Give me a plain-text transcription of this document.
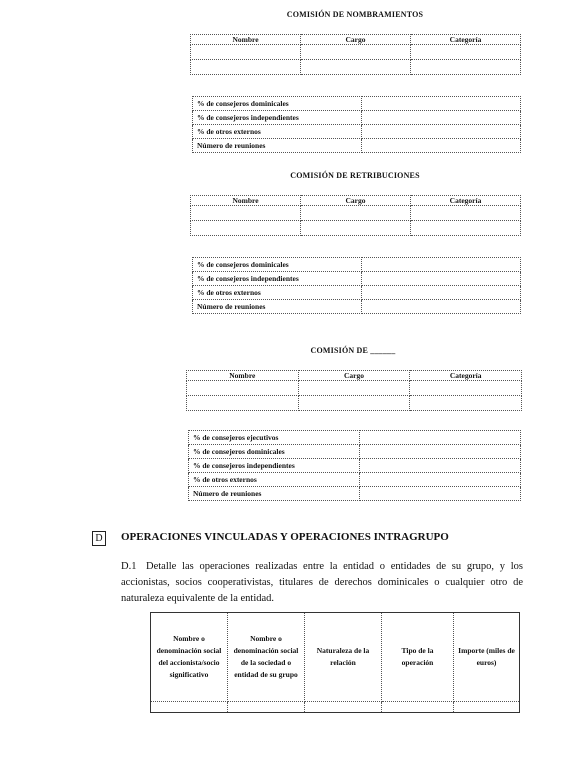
COMISIÓN DE NOMBRAMIENTOS
Nombre	Cargo	Categoría

% de consejeros dominicales	
% de consejeros independientes	
% de otros externos	
Número de reuniones	
COMISIÓN DE RETRIBUCIONES
Nombre	Cargo	Categoría

% de consejeros dominicales	
% de consejeros independientes	
% de otros externos	
Número de reuniones	
COMISIÓN DE ______
Nombre	Cargo	Categoría

% de consejeros ejecutivos	
% de consejeros dominicales	
% de consejeros independientes	
% de otros externos	
Número de reuniones	
D	OPERACIONES VINCULADAS Y OPERACIONES INTRAGRUPO
D.1 Detalle las operaciones realizadas entre la entidad o entidades de su grupo, y los accionistas, socios cooperativistas, titulares de derechos dominicales o cualquier otro de naturaleza equivalente de la entidad.
Nombre o denominación social del accionista/socio significativo	Nombre o denominación social de la sociedad o entidad de su grupo	Naturaleza de la relación	Tipo de la operación	Importe (miles de euros)
